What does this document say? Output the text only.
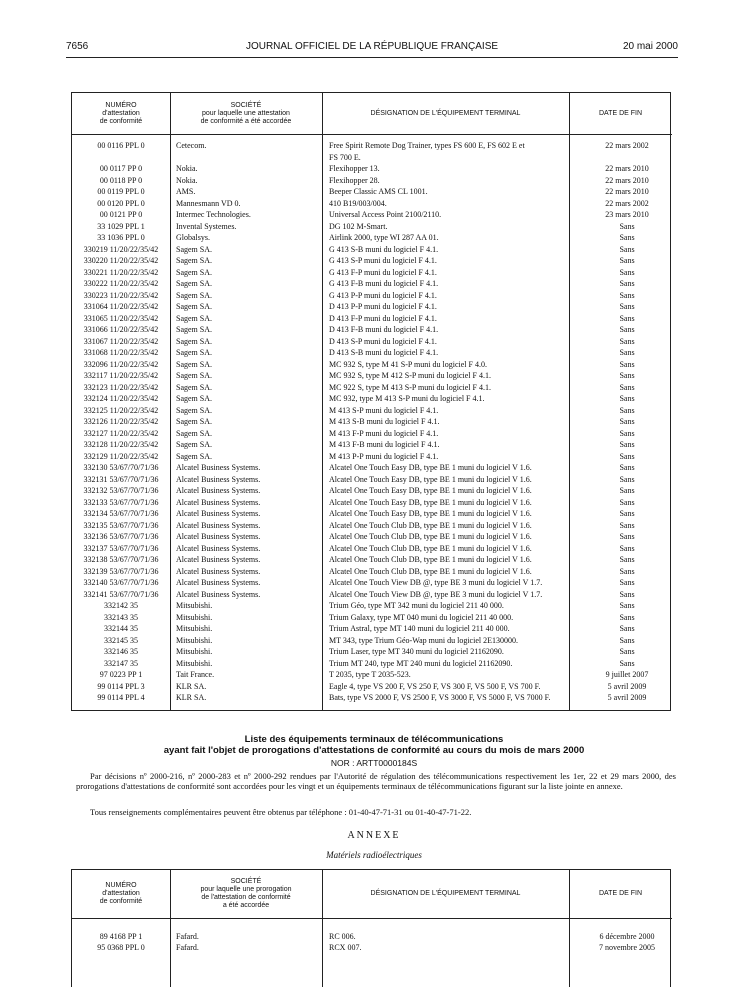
7656	JOURNAL OFFICIEL DE LA RÉPUBLIQUE FRANÇAISE	20 mai 2000
NUMÉRO
d'attestation
de conformité
SOCIÉTÉ
pour laquelle une attestation
de conformité a été accordée
DÉSIGNATION DE L'ÉQUIPEMENT TERMINAL	DATE DE FIN
00 0116 PPL 0	Cetecom.	Free Spirit Remote Dog Trainer, types FS 600 E, FS 602 E et	22 mars 2002
FS 700 E.
00 0117 PP 0	Nokia.	Flexihopper 13.	22 mars 2010
00 0118 PP 0	Nokia.	Flexihopper 28.	22 mars 2010
00 0119 PPL 0	AMS.	Beeper Classic AMS CL 1001.	22 mars 2010
00 0120 PPL 0	Mannesmann VD 0.	410 B19/003/004.	22 mars 2002
00 0121 PP 0	Intermec Technologies.	Universal Access Point 2100/2110.	23 mars 2010
33 1029 PPL 1	Invental Systemes.	DG 102 M-Smart.	Sans
33 1036 PPL 0	Globalsys.	Airlink 2000, type WI 287 AA 01.	Sans
330219 11/20/22/35/42	Sagem SA.	G 413 S-B muni du logiciel F 4.1.	Sans
330220 11/20/22/35/42	Sagem SA.	G 413 S-P muni du logiciel F 4.1.	Sans
330221 11/20/22/35/42	Sagem SA.	G 413 F-P muni du logiciel F 4.1.	Sans
330222 11/20/22/35/42	Sagem SA.	G 413 F-B muni du logiciel F 4.1.	Sans
330223 11/20/22/35/42	Sagem SA.	G 413 P-P muni du logiciel F 4.1.	Sans
331064 11/20/22/35/42	Sagem SA.	D 413 P-P muni du logiciel F 4.1.	Sans
331065 11/20/22/35/42	Sagem SA.	D 413 F-P muni du logiciel F 4.1.	Sans
331066 11/20/22/35/42	Sagem SA.	D 413 F-B muni du logiciel F 4.1.	Sans
331067 11/20/22/35/42	Sagem SA.	D 413 S-P muni du logiciel F 4.1.	Sans
331068 11/20/22/35/42	Sagem SA.	D 413 S-B muni du logiciel F 4.1.	Sans
332096 11/20/22/35/42	Sagem SA.	MC 932 S, type M 41 S-P muni du logiciel F 4.0.	Sans
332117 11/20/22/35/42	Sagem SA.	MC 932 S, type M 412 S-P muni du logiciel F 4.1.	Sans
332123 11/20/22/35/42	Sagem SA.	MC 922 S, type M 413 S-P muni du logiciel F 4.1.	Sans
332124 11/20/22/35/42	Sagem SA.	MC 932, type M 413 S-P muni du logiciel F 4.1.	Sans
332125 11/20/22/35/42	Sagem SA.	M 413 S-P muni du logiciel F 4.1.	Sans
332126 11/20/22/35/42	Sagem SA.	M 413 S-B muni du logiciel F 4.1.	Sans
332127 11/20/22/35/42	Sagem SA.	M 413 F-P muni du logiciel F 4.1.	Sans
332128 11/20/22/35/42	Sagem SA.	M 413 F-B muni du logiciel F 4.1.	Sans
332129 11/20/22/35/42	Sagem SA.	M 413 P-P muni du logiciel F 4.1.	Sans
332130 53/67/70/71/36	Alcatel Business Systems.	Alcatel One Touch Easy DB, type BE 1 muni du logiciel V 1.6.	Sans
332131 53/67/70/71/36	Alcatel Business Systems.	Alcatel One Touch Easy DB, type BE 1 muni du logiciel V 1.6.	Sans
332132 53/67/70/71/36	Alcatel Business Systems.	Alcatel One Touch Easy DB, type BE 1 muni du logiciel V 1.6.	Sans
332133 53/67/70/71/36	Alcatel Business Systems.	Alcatel One Touch Easy DB, type BE 1 muni du logiciel V 1.6.	Sans
332134 53/67/70/71/36	Alcatel Business Systems.	Alcatel One Touch Easy DB, type BE 1 muni du logiciel V 1.6.	Sans
332135 53/67/70/71/36	Alcatel Business Systems.	Alcatel One Touch Club DB, type BE 1 muni du logiciel V 1.6.	Sans
332136 53/67/70/71/36	Alcatel Business Systems.	Alcatel One Touch Club DB, type BE 1 muni du logiciel V 1.6.	Sans
332137 53/67/70/71/36	Alcatel Business Systems.	Alcatel One Touch Club DB, type BE 1 muni du logiciel V 1.6.	Sans
332138 53/67/70/71/36	Alcatel Business Systems.	Alcatel One Touch Club DB, type BE 1 muni du logiciel V 1.6.	Sans
332139 53/67/70/71/36	Alcatel Business Systems.	Alcatel One Touch Club DB, type BE 1 muni du logiciel V 1.6.	Sans
332140 53/67/70/71/36	Alcatel Business Systems.	Alcatel One Touch View DB @, type BE 3 muni du logiciel V 1.7.	Sans
332141 53/67/70/71/36	Alcatel Business Systems.	Alcatel One Touch View DB @, type BE 3 muni du logiciel V 1.7.	Sans
332142 35	Mitsubishi.	Trium Géo, type MT 342 muni du logiciel 211 40 000.	Sans
332143 35	Mitsubishi.	Trium Galaxy, type MT 040 muni du logiciel 211 40 000.	Sans
332144 35	Mitsubishi.	Trium Astral, type MT 140 muni du logiciel 211 40 000.	Sans
332145 35	Mitsubishi.	MT 343, type Trium Géo-Wap muni du logiciel 2E130000.	Sans
332146 35	Mitsubishi.	Trium Laser, type MT 340 muni du logiciel 21162090.	Sans
332147 35	Mitsubishi.	Trium MT 240, type MT 240 muni du logiciel 21162090.	Sans
97 0223 PP 1	Tait France.	T 2035, type T 2035-523.	9 juillet 2007
99 0114 PPL 3	KLR SA.	Eagle 4, type VS 200 F, VS 250 F, VS 300 F, VS 500 F, VS 700 F.	5 avril 2009
99 0114 PPL 4	KLR SA.	Bats, type VS 2000 F, VS 2500 F, VS 3000 F, VS 5000 F, VS 7000 F.	5 avril 2009
Liste des équipements terminaux de télécommunications
ayant fait l'objet de prorogations d'attestations de conformité au cours du mois de mars 2000
NOR : ARTT0000184S
Par décisions nº 2000-216, nº 2000-283 et nº 2000-292 rendues par l'Autorité de régulation des télécommunications respectivement les 1er, 22 et 29 mars 2000, des prorogations d'attestations de conformité sont accordées pour les vingt et un équipements terminaux de télécommunications figurant sur la liste jointe en annexe.
Tous renseignements complémentaires peuvent être obtenus par téléphone : 01-40-47-71-31 ou 01-40-47-71-22.
ANNEXE
Matériels radioélectriques
NUMÉRO
d'attestation
de conformité
SOCIÉTÉ
pour laquelle une prorogation
de l'attestation de conformité
a été accordée
DÉSIGNATION DE L'ÉQUIPEMENT TERMINAL	DATE DE FIN
89 4168 PP 1	Fafard.	RC 006.	6 décembre 2000
95 0368 PPL 0	Fafard.	RCX 007.	7 novembre 2005
